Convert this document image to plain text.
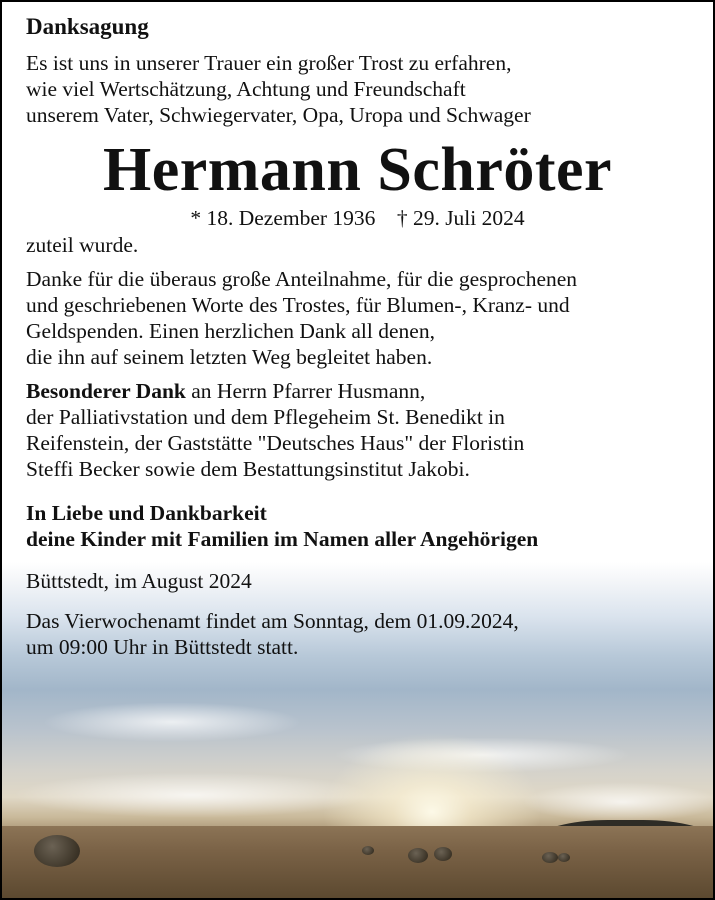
Danksagung

Es ist uns in unserer Trauer ein großer Trost zu erfahren,
wie viel Wertschätzung, Achtung und Freundschaft
unserem Vater, Schwiegervater, Opa, Uropa und Schwager

Hermann Schröter
* 18. Dezember 1936 † 29. Juli 2024

zuteil wurde.

Danke für die überaus große Anteilnahme, für die gesprochenen
und geschriebenen Worte des Trostes, für Blumen-, Kranz- und
Geldspenden. Einen herzlichen Dank all denen,
die ihn auf seinem letzten Weg begleitet haben.

Besonderer Dank an Herrn Pfarrer Husmann,
der Palliativstation und dem Pflegeheim St. Benedikt in
Reifenstein, der Gaststätte "Deutsches Haus" der Floristin
Steffi Becker sowie dem Bestattungsinstitut Jakobi.

In Liebe und Dankbarkeit
deine Kinder mit Familien im Namen aller Angehörigen

Büttstedt, im August 2024

Das Vierwochenamt findet am Sonntag, dem 01.09.2024,
um 09:00 Uhr in Büttstedt statt.
